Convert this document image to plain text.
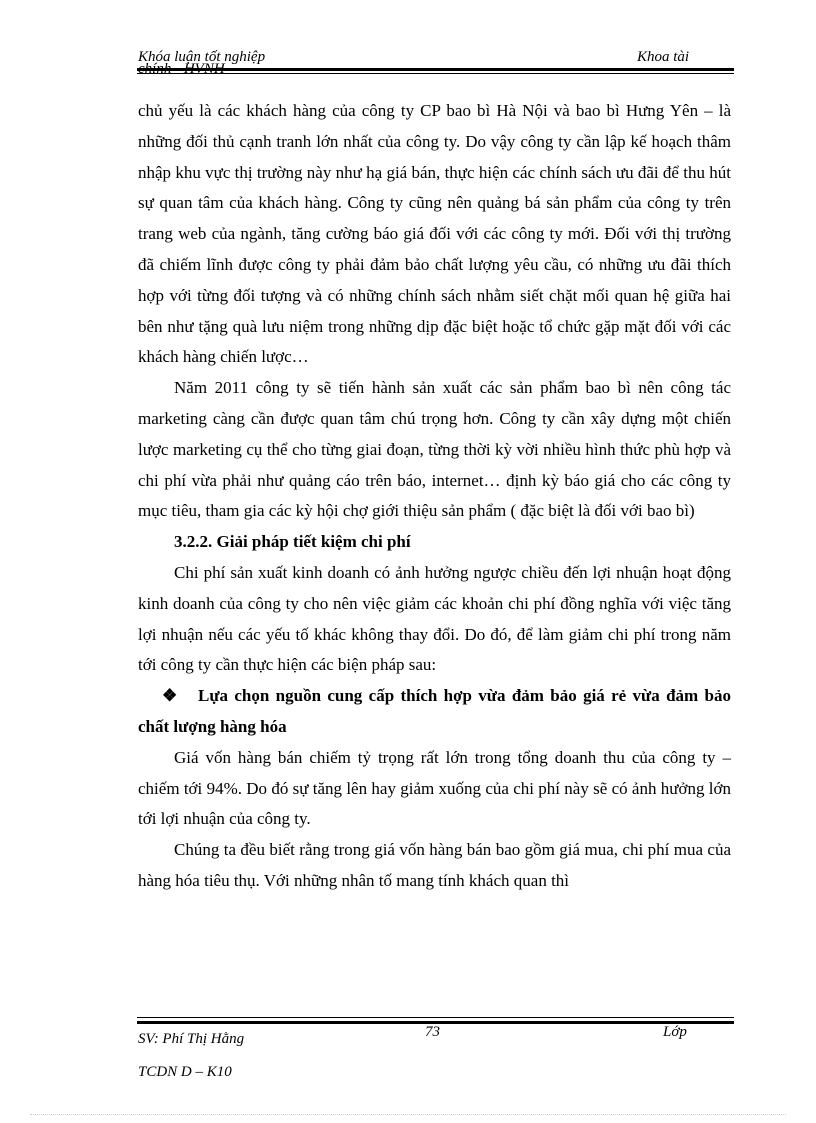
Khóa luận tốt nghiệp
chính - HVNH
Khoa tài

chủ yếu là các khách hàng của công ty CP bao bì Hà Nội và bao bì Hưng Yên – là những đối thủ cạnh tranh lớn nhất của công ty. Do vậy công ty cần lập kế hoạch thâm nhập khu vực thị trường này như hạ giá bán, thực hiện các chính sách ưu đãi để thu hút sự quan tâm của khách hàng. Công ty cũng nên quảng bá sản phẩm của công ty trên trang web của ngành, tăng cường báo giá đối với các công ty mới. Đối với thị trường đã chiếm lĩnh được công ty phải đảm bảo chất lượng yêu cầu, có những ưu đãi thích hợp với từng đối tượng và có những chính sách nhằm siết chặt mối quan hệ giữa hai bên như tặng quà lưu niệm trong những dịp đặc biệt hoặc tổ chức gặp mặt đối với các khách hàng chiến lược…

Năm 2011 công ty sẽ tiến hành sản xuất các sản phẩm bao bì nên công tác marketing càng cần được quan tâm chú trọng hơn. Công ty cần xây dựng một chiến lược marketing cụ thể cho từng giai đoạn, từng thời kỳ vời nhiều hình thức phù hợp và chi phí vừa phải như quảng cáo trên báo, internet… định kỳ báo giá cho các công ty mục tiêu, tham gia các kỳ hội chợ giới thiệu sản phẩm ( đặc biệt là đối với bao bì)

3.2.2. Giải pháp tiết kiệm chi phí

Chi phí sản xuất kinh doanh có ảnh hưởng ngược chiều đến lợi nhuận hoạt động kinh doanh của công ty cho nên việc giảm các khoản chi phí đồng nghĩa với việc tăng lợi nhuận nếu các yếu tố khác không thay đổi. Do đó, để làm giảm chi phí trong năm tới công ty cần thực hiện các biện pháp sau:

❖ Lựa chọn nguồn cung cấp thích hợp vừa đảm bảo giá rẻ vừa đảm bảo chất lượng hàng hóa

Giá vốn hàng bán chiếm tỷ trọng rất lớn trong tổng doanh thu của công ty – chiếm tới 94%. Do đó sự tăng lên hay giảm xuống của chi phí này sẽ có ảnh hưởng lớn tới lợi nhuận của công ty.

Chúng ta đều biết rằng trong giá vốn hàng bán bao gồm giá mua, chi phí mua của hàng hóa tiêu thụ. Với những nhân tố mang tính khách quan thì

SV: Phí Thị Hằng
TCDN D – K10
73	Lớp
